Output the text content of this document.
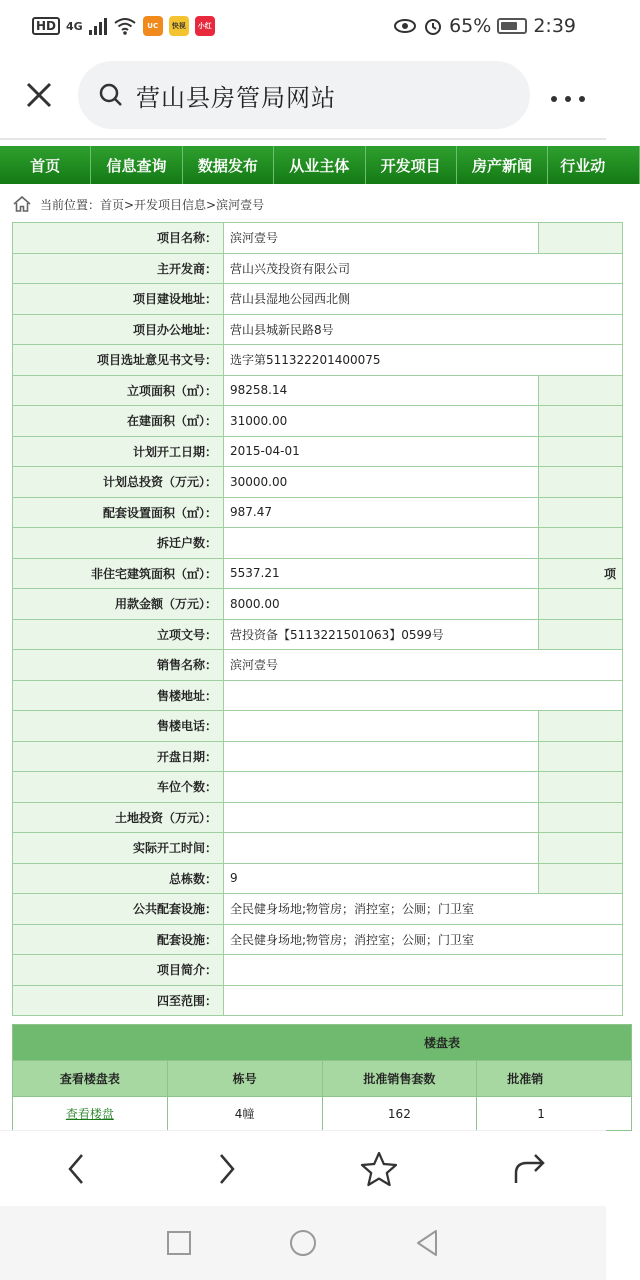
HD 4G	UC	快视	小红书
65% 2:39
营山县房管局网站
首页	信息查询	数据发布	从业主体	开发项目	房产新闻	行业动
当前位置：首页>开发项目信息>滨河壹号
项目名称：	滨河壹号	
主开发商：	营山兴茂投资有限公司	
项目建设地址：	营山县湿地公园西北侧	
项目办公地址：	营山县城新民路8号	
项目选址意见书文号：	选字第511322201400075	
立项面积（㎡）：	98258.14	
在建面积（㎡）：	31000.00	
计划开工日期：	2015-04-01	
计划总投资（万元）：	30000.00	
配套设置面积（㎡）：	987.47	
拆迁户数：		
非住宅建筑面积（㎡）：	5537.21	项
用款金额（万元）：	8000.00	
立项文号：	营投资备【5113221501063】0599号	
销售名称：	滨河壹号	
售楼地址：		
售楼电话：		
开盘日期：		
车位个数：		
土地投资（万元）：		
实际开工时间：		
总栋数：	9	
公共配套设施：	全民健身场地;物管房；消控室；公厕；门卫室	
配套设施：	全民健身场地;物管房；消控室；公厕；门卫室	
项目简介：		
四至范围：		
楼盘表			
查看楼盘表	栋号	批准销售套数	批准销
查看楼盘	4幢	162	1
